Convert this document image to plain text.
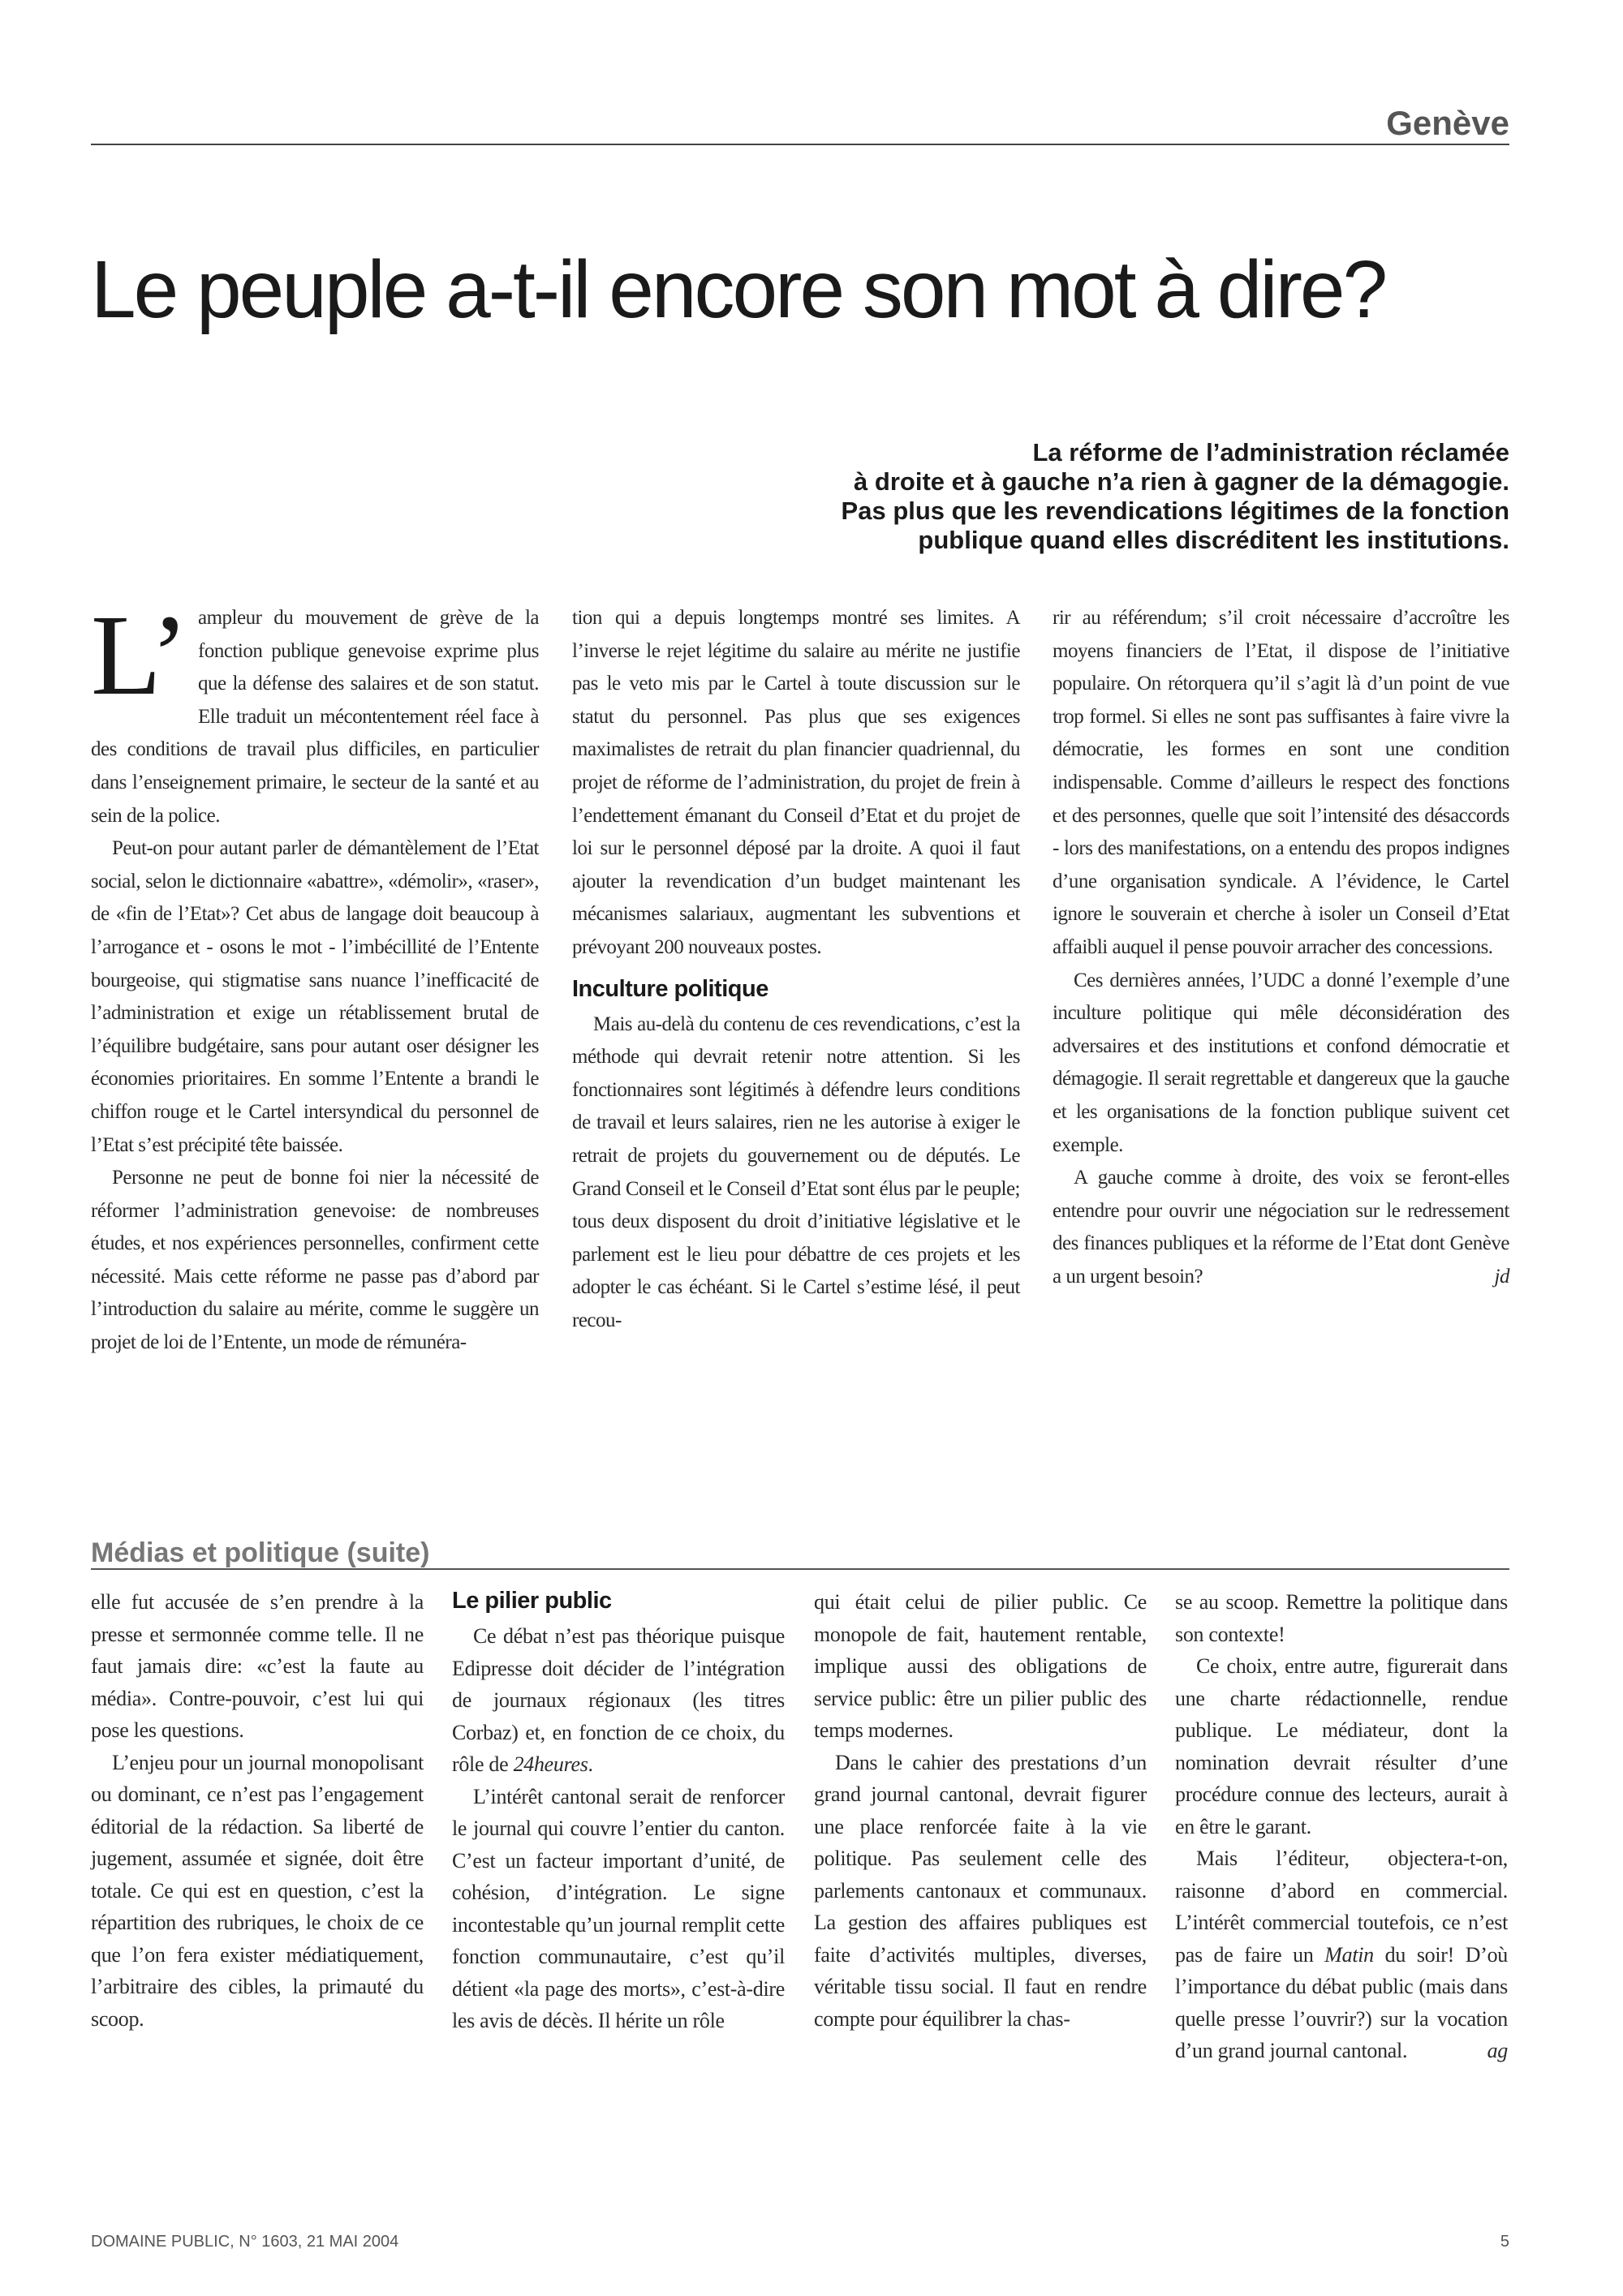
Genève
Le peuple a-t-il encore son mot à dire?
La réforme de l’administration réclamée
à droite et à gauche n’a rien à gagner de la démagogie.
Pas plus que les revendications légitimes de la fonction
publique quand elles discréditent les institutions.

L’ ampleur du mouvement de grève de la fonction publique genevoise exprime plus que la défense des salaires et de son statut. Elle traduit un mécontentement réel face à des conditions de travail plus difficiles, en particulier dans l’enseignement primaire, le secteur de la santé et au sein de la police.

Peut-on pour autant parler de démantèlement de l’Etat social, selon le dictionnaire «abattre», «démolir», «raser», de «fin de l’Etat»? Cet abus de langage doit beaucoup à l’arrogance et - osons le mot - l’imbécillité de l’Entente bourgeoise, qui stigmatise sans nuance l’inefficacité de l’administration et exige un rétablissement brutal de l’équilibre budgétaire, sans pour autant oser désigner les économies prioritaires. En somme l’Entente a brandi le chiffon rouge et le Cartel intersyndical du personnel de l’Etat s’est précipité tête baissée.

Personne ne peut de bonne foi nier la nécessité de réformer l’administration genevoise: de nombreuses études, et nos expériences personnelles, confirment cette nécessité. Mais cette réforme ne passe pas d’abord par l’introduction du salaire au mérite, comme le suggère un projet de loi de l’Entente, un mode de rémunéra-

tion qui a depuis longtemps montré ses limites. A l’inverse le rejet légitime du salaire au mérite ne justifie pas le veto mis par le Cartel à toute discussion sur le statut du personnel. Pas plus que ses exigences maximalistes de retrait du plan financier quadriennal, du projet de réforme de l’administration, du projet de frein à l’endettement émanant du Conseil d’Etat et du projet de loi sur le personnel déposé par la droite. A quoi il faut ajouter la revendication d’un budget maintenant les mécanismes salariaux, augmentant les subventions et prévoyant 200 nouveaux postes.

Inculture politique

Mais au-delà du contenu de ces revendications, c’est la méthode qui devrait retenir notre attention. Si les fonctionnaires sont légitimés à défendre leurs conditions de travail et leurs salaires, rien ne les autorise à exiger le retrait de projets du gouvernement ou de députés. Le Grand Conseil et le Conseil d’Etat sont élus par le peuple; tous deux disposent du droit d’initiative législative et le parlement est le lieu pour débattre de ces projets et les adopter le cas échéant. Si le Cartel s’estime lésé, il peut recou-

rir au référendum; s’il croit nécessaire d’accroître les moyens financiers de l’Etat, il dispose de l’initiative populaire. On rétorquera qu’il s’agit là d’un point de vue trop formel. Si elles ne sont pas suffisantes à faire vivre la démocratie, les formes en sont une condition indispensable. Comme d’ailleurs le respect des fonctions et des personnes, quelle que soit l’intensité des désaccords - lors des manifestations, on a entendu des propos indignes d’une organisation syndicale. A l’évidence, le Cartel ignore le souverain et cherche à isoler un Conseil d’Etat affaibli auquel il pense pouvoir arracher des concessions.

Ces dernières années, l’UDC a donné l’exemple d’une inculture politique qui mêle déconsidération des adversaires et des institutions et confond démocratie et démagogie. Il serait regrettable et dangereux que la gauche et les organisations de la fonction publique suivent cet exemple.

A gauche comme à droite, des voix se feront-elles entendre pour ouvrir une négociation sur le redressement des finances publiques et la réforme de l’Etat dont Genève a un urgent besoin?	jd

Médias et politique (suite)

elle fut accusée de s’en prendre à la presse et sermonnée comme telle. Il ne faut jamais dire: «c’est la faute au média». Contre-pouvoir, c’est lui qui pose les questions.

L’enjeu pour un journal monopolisant ou dominant, ce n’est pas l’engagement éditorial de la rédaction. Sa liberté de jugement, assumée et signée, doit être totale. Ce qui est en question, c’est la répartition des rubriques, le choix de ce que l’on fera exister médiatiquement, l’arbitraire des cibles, la primauté du scoop.

Le pilier public

Ce débat n’est pas théorique puisque Edipresse doit décider de l’intégration de journaux régionaux (les titres Corbaz) et, en fonction de ce choix, du rôle de 24heures.

L’intérêt cantonal serait de renforcer le journal qui couvre l’entier du canton. C’est un facteur important d’unité, de cohésion, d’intégration. Le signe incontestable qu’un journal remplit cette fonction communautaire, c’est qu’il détient «la page des morts», c’est-à-dire les avis de décès. Il hérite un rôle

qui était celui de pilier public. Ce monopole de fait, hautement rentable, implique aussi des obligations de service public: être un pilier public des temps modernes.

Dans le cahier des prestations d’un grand journal cantonal, devrait figurer une place renforcée faite à la vie politique. Pas seulement celle des parlements cantonaux et communaux. La gestion des affaires publiques est faite d’activités multiples, diverses, véritable tissu social. Il faut en rendre compte pour équilibrer la chas-

se au scoop. Remettre la politique dans son contexte!

Ce choix, entre autre, figurerait dans une charte rédactionnelle, rendue publique. Le médiateur, dont la nomination devrait résulter d’une procédure connue des lecteurs, aurait à en être le garant.

Mais l’éditeur, objectera-t-on, raisonne d’abord en commercial. L’intérêt commercial toutefois, ce n’est pas de faire un Matin du soir! D’où l’importance du débat public (mais dans quelle presse l’ouvrir?) sur la vocation d’un grand journal cantonal.	ag

DOMAINE PUBLIC, N° 1603, 21 MAI 2004	5
